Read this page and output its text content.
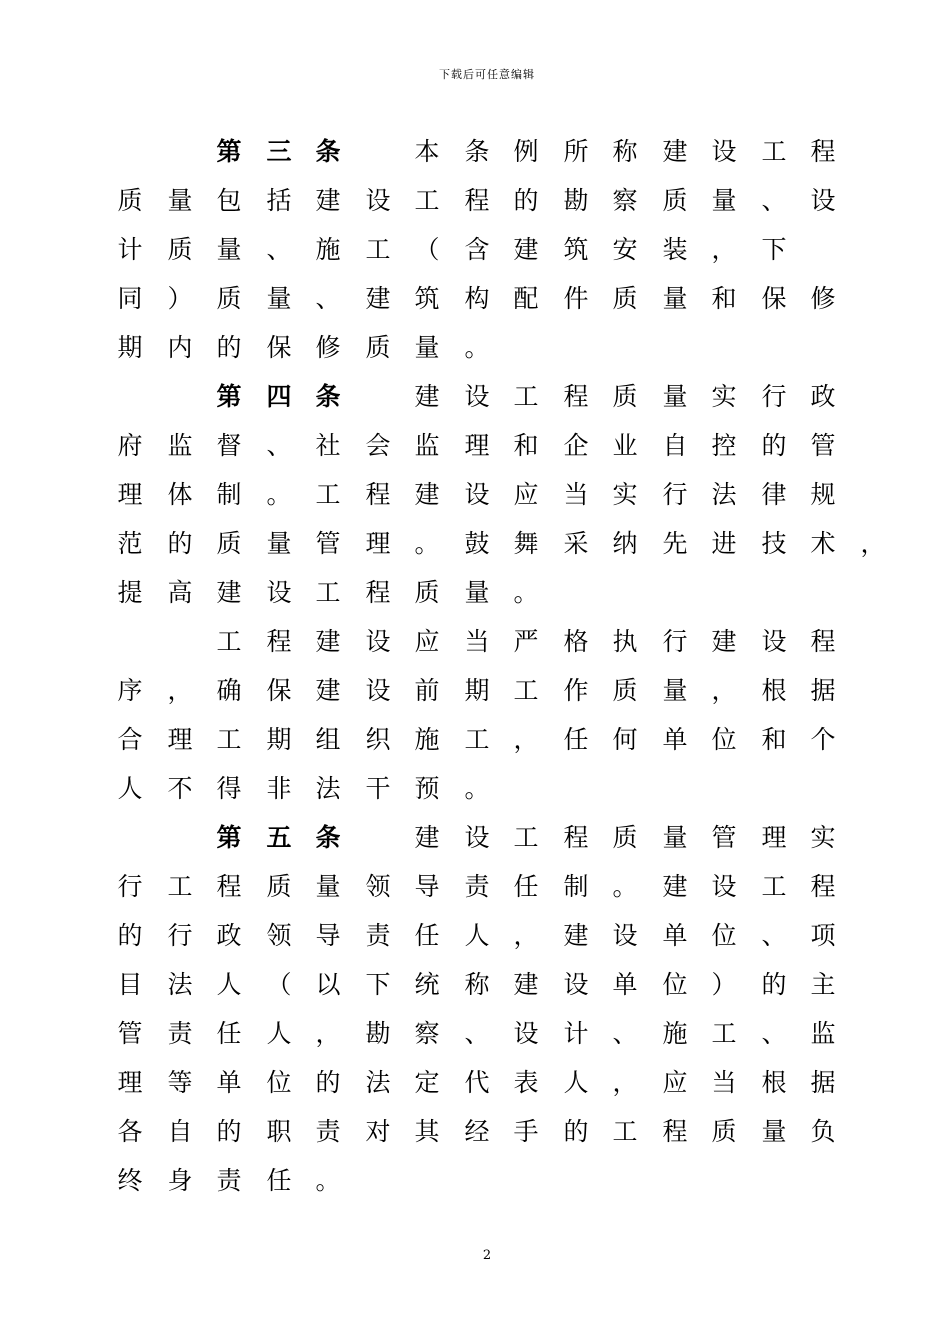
下载后可任意编辑
第 三 条	本 条 例 所 称 建 设 工 程
质 量 包 括 建 设 工 程 的 勘 察 质 量 、 设
计 质 量 、 施 工 （ 含 建 筑 安 装 ， 下
同 ） 质 量 、 建 筑 构 配 件 质 量 和 保 修
期 内 的 保 修 质 量 。
第 四 条	建 设 工 程 质 量 实 行 政
府 监 督 、 社 会 监 理 和 企 业 自 控 的 管
理 体 制 。 工 程 建 设 应 当 实 行 法 律 规
范 的 质 量 管 理 。 鼓 舞 采 纳 先 进 技 术 ，
提 高 建 设 工 程 质 量 。
工 程 建 设 应 当 严 格 执 行 建 设 程
序 ， 确 保 建 设 前 期 工 作 质 量 ， 根 据
合 理 工 期 组 织 施 工 ， 任 何 单 位 和 个
人 不 得 非 法 干 预 。
第 五 条	建 设 工 程 质 量 管 理 实
行 工 程 质 量 领 导 责 任 制 。 建 设 工 程
的 行 政 领 导 责 任 人 ， 建 设 单 位 、 项
目 法 人 （ 以 下 统 称 建 设 单 位 ） 的 主
管 责 任 人 ， 勘 察 、 设 计 、 施 工 、 监
理 等 单 位 的 法 定 代 表 人 ， 应 当 根 据
各 自 的 职 责 对 其 经 手 的 工 程 质 量 负
终 身 责 任 。
2
